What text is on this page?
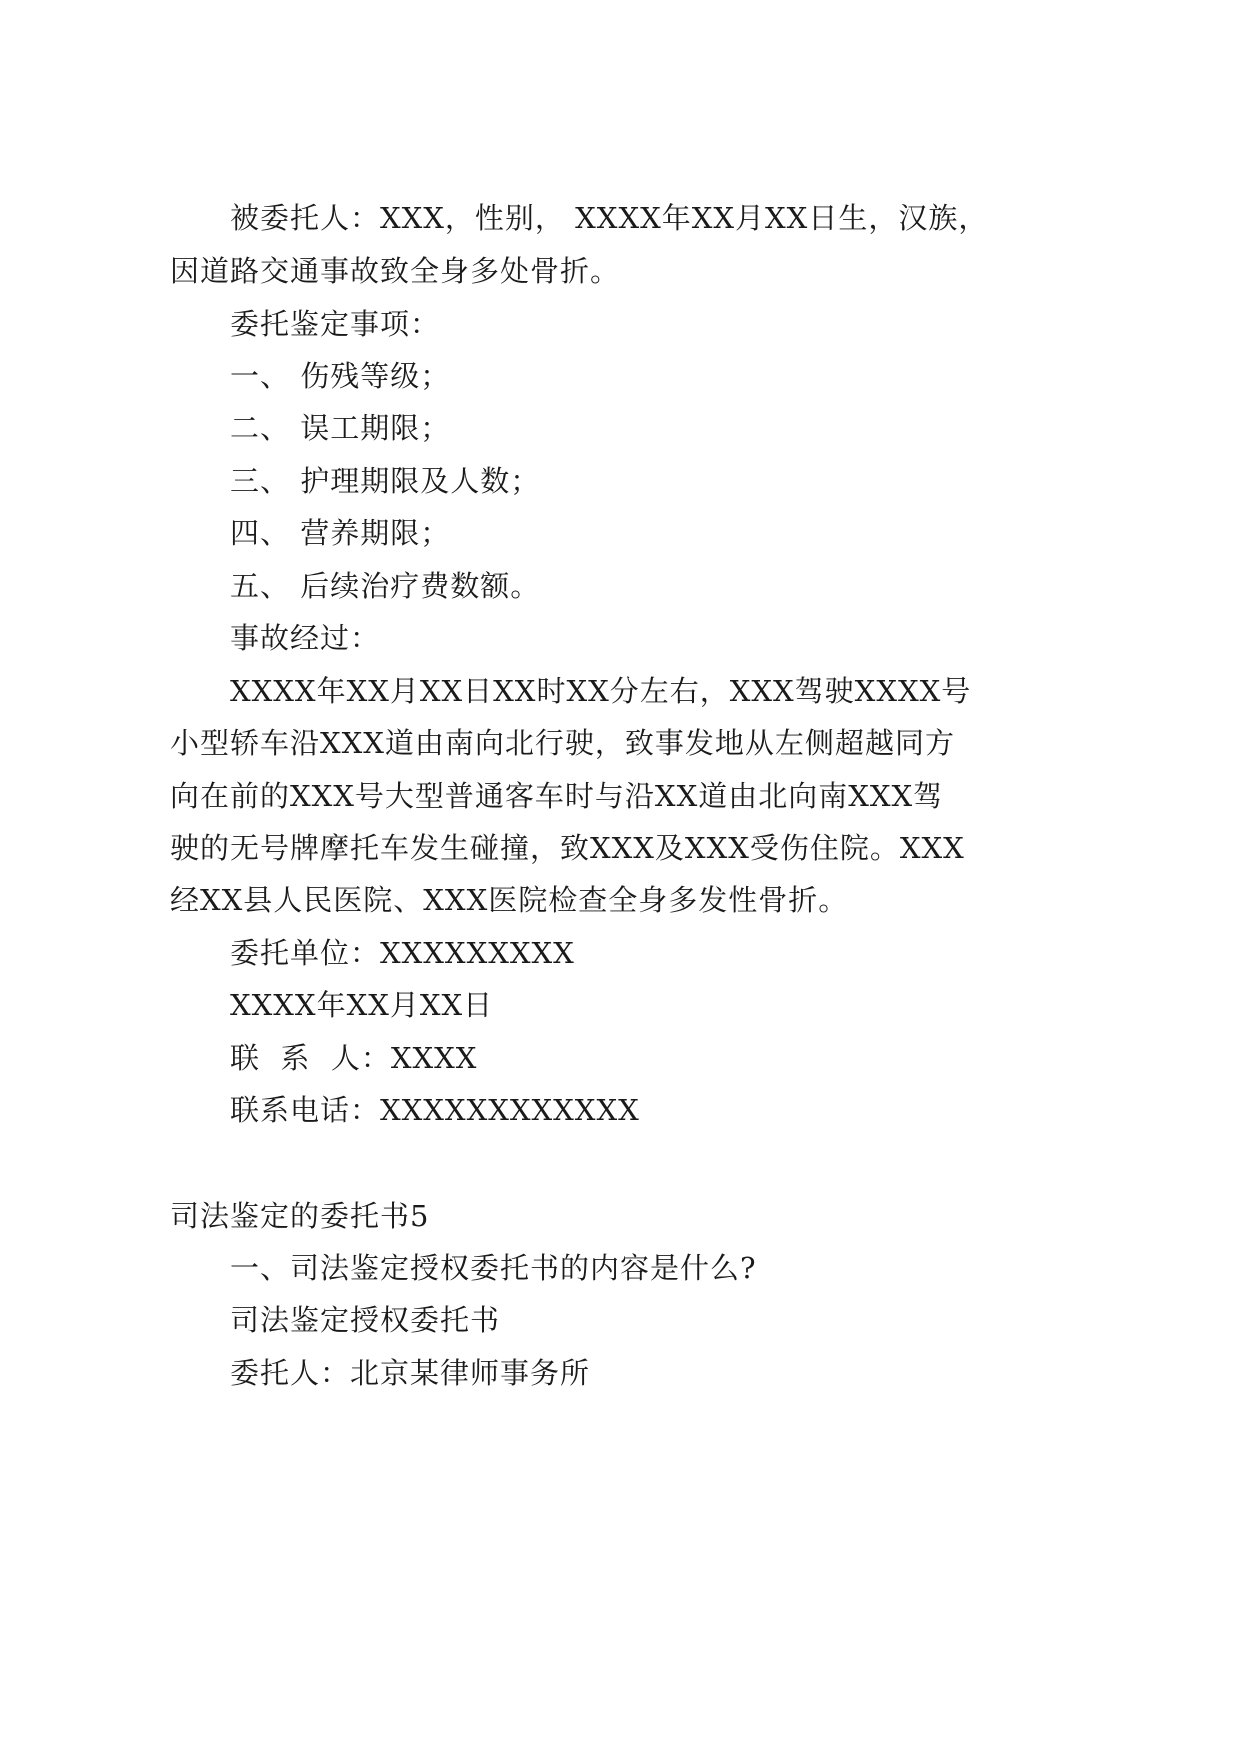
被委托人：XXX，性别， XXXX年XX月XX日生，汉族，
因道路交通事故致全身多处骨折。
委托鉴定事项：
一、 伤残等级；
二、 误工期限；
三、 护理期限及人数；
四、 营养期限；
五、 后续治疗费数额。
事故经过：
XXXX年XX月XX日XX时XX分左右，XXX驾驶XXXX号
小型轿车沿XXX道由南向北行驶，致事发地从左侧超越同方
向在前的XXX号大型普通客车时与沿XX道由北向南XXX驾
驶的无号牌摩托车发生碰撞，致XXX及XXX受伤住院。XXX
经XX县人民医院、XXX医院检查全身多发性骨折。
委托单位：XXXXXXXXX
XXXX年XX月XX日
联  系  人：XXXX
联系电话：XXXXXXXXXXXX
司法鉴定的委托书5
一、司法鉴定授权委托书的内容是什么?
司法鉴定授权委托书
委托人：北京某律师事务所
